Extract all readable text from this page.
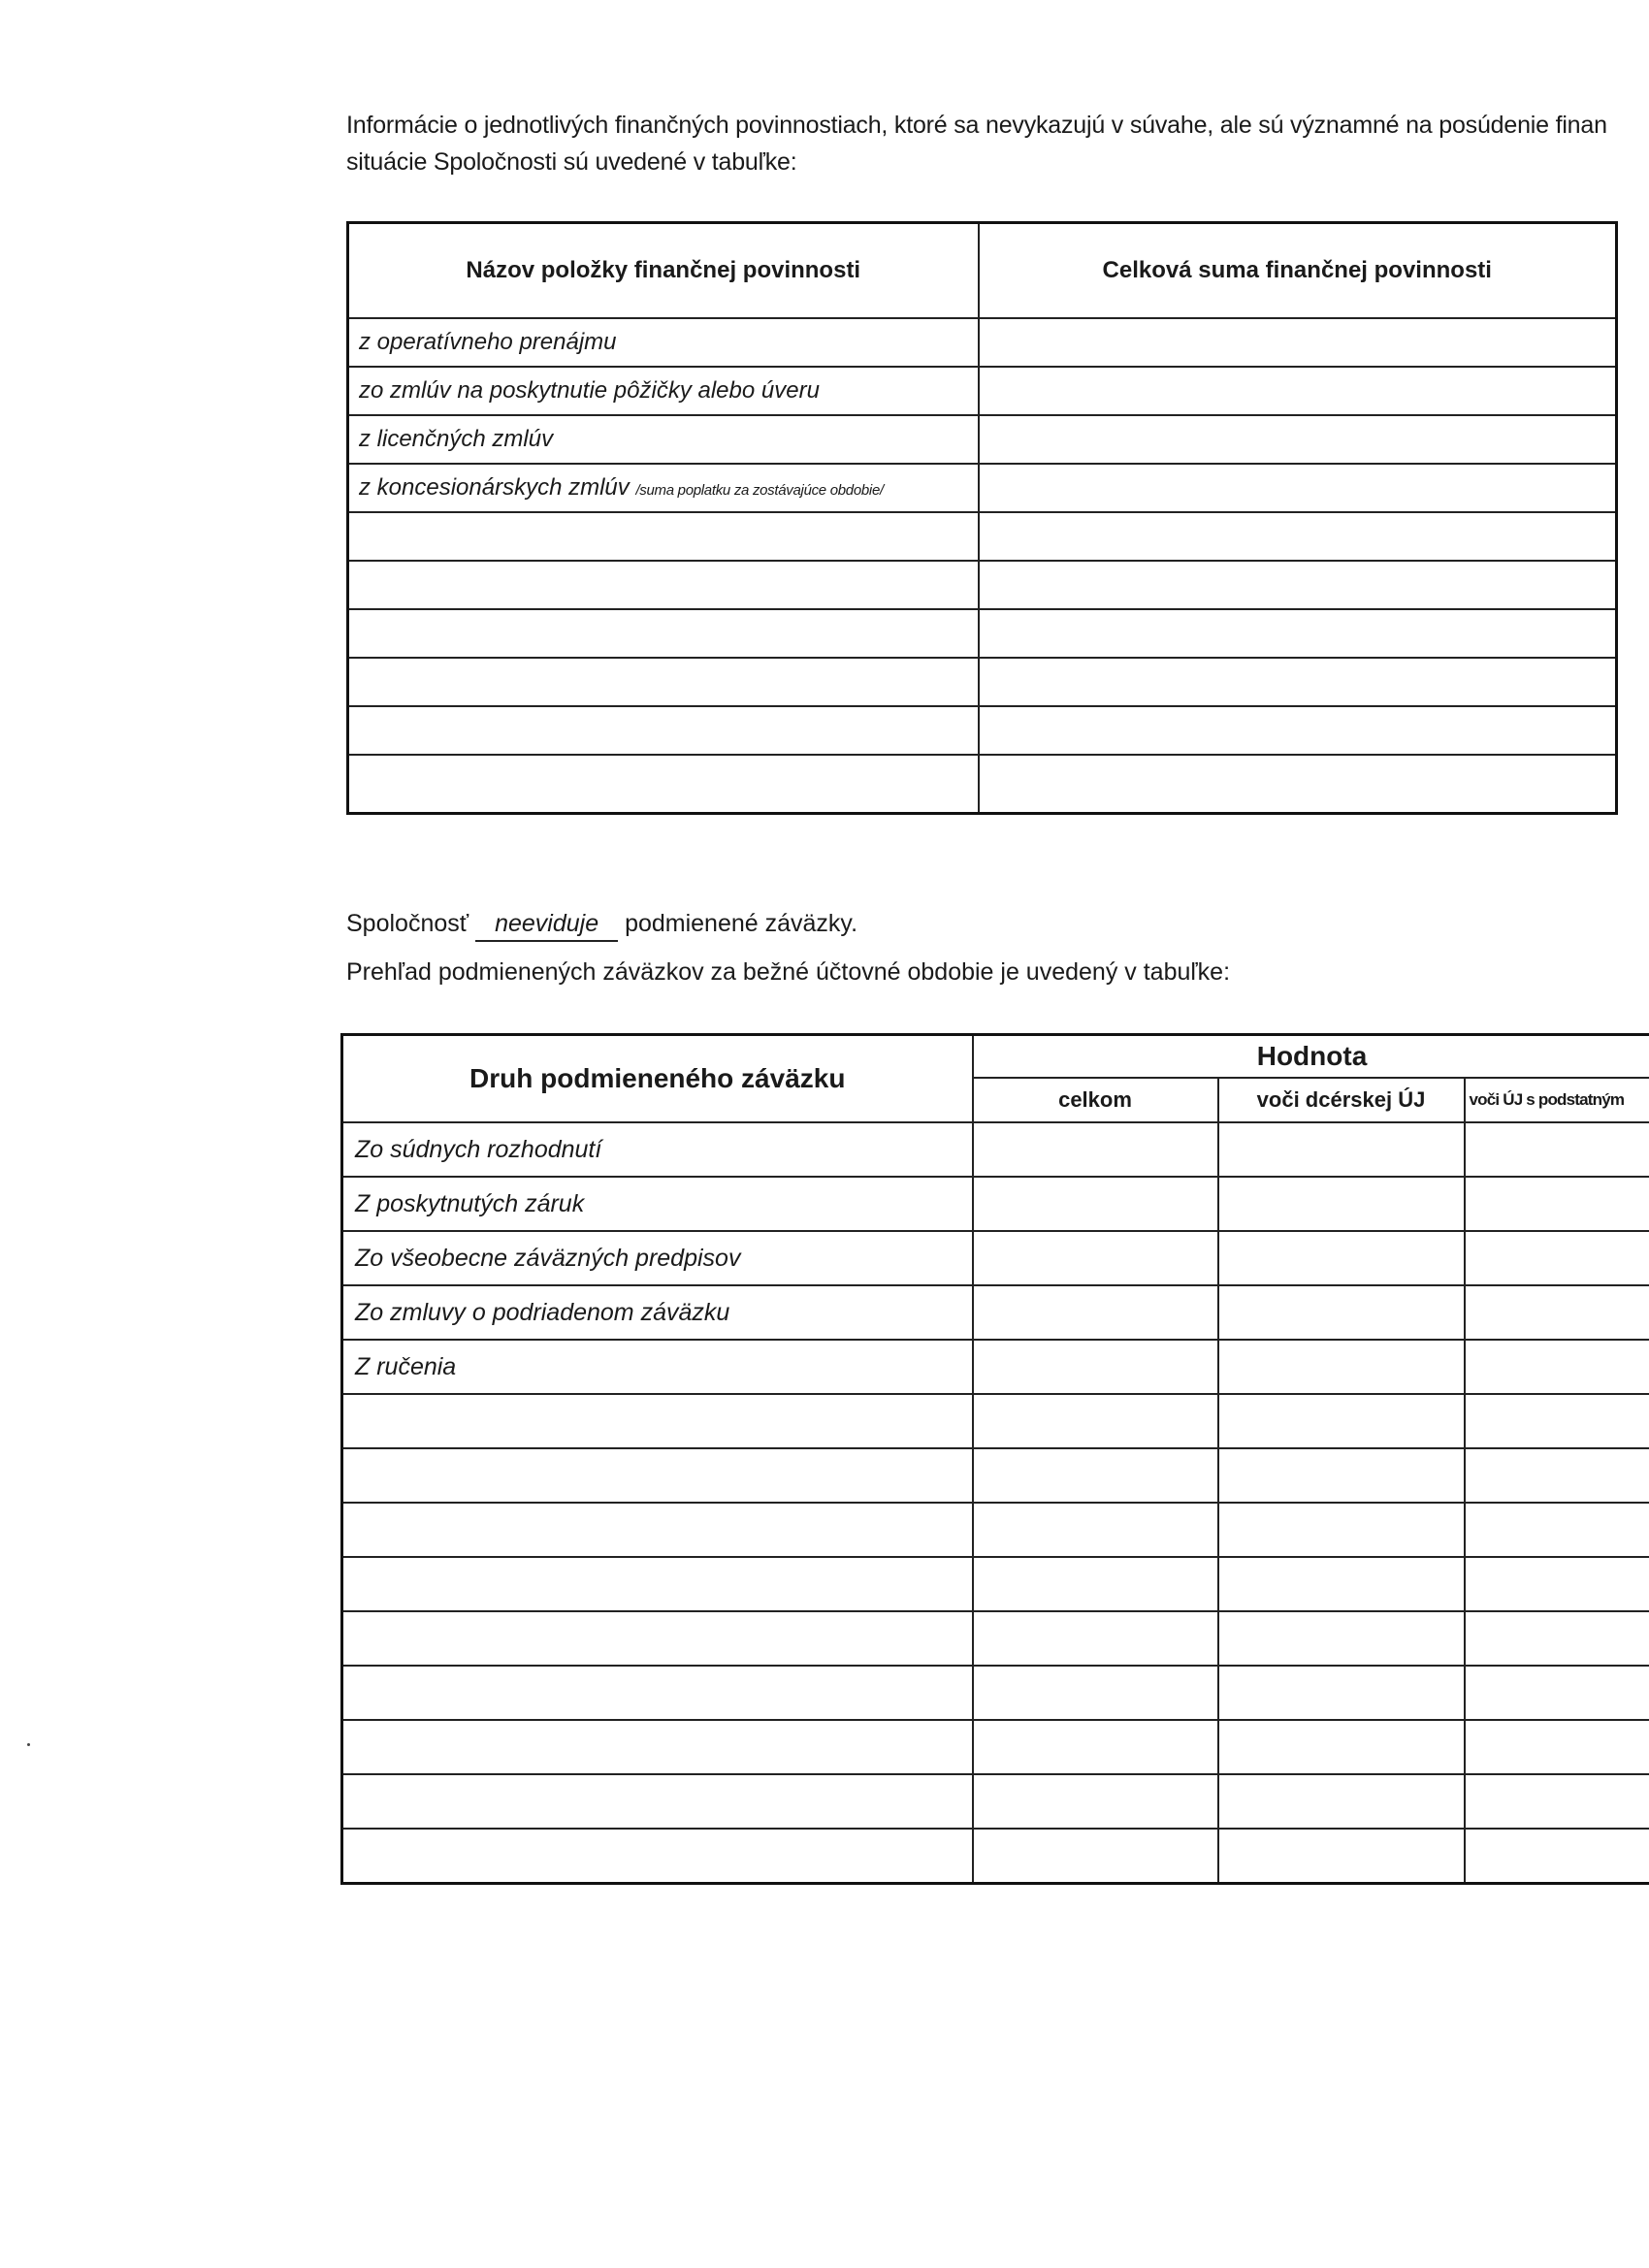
Informácie o jednotlivých finančných povinnostiach, ktoré sa nevykazujú v súvahe, ale sú významné na posúdenie finan
situácie Spoločnosti sú uvedené v tabuľke:
Názov položky finančnej povinnosti	Celková suma finančnej povinnosti
z operatívneho prenájmu	
zo zmlúv na poskytnutie pôžičky alebo úveru	
z licenčných zmlúv	
z koncesionárskych zmlúv /suma poplatku za zostávajúce obdobie/	

Spoločnosť neeviduje podmienené záväzky.
Prehľad podmienených záväzkov za bežné účtovné obdobie je uvedený v tabuľke:
Druh podmieneného záväzku	Hodnota		
	celkom	voči dcérskej ÚJ	voči ÚJ s podstatným
Zo súdnych rozhodnutí			
Z poskytnutých záruk			
Zo všeobecne záväzných predpisov			
Zo zmluvy o podriadenom záväzku			
Z ručenia			
